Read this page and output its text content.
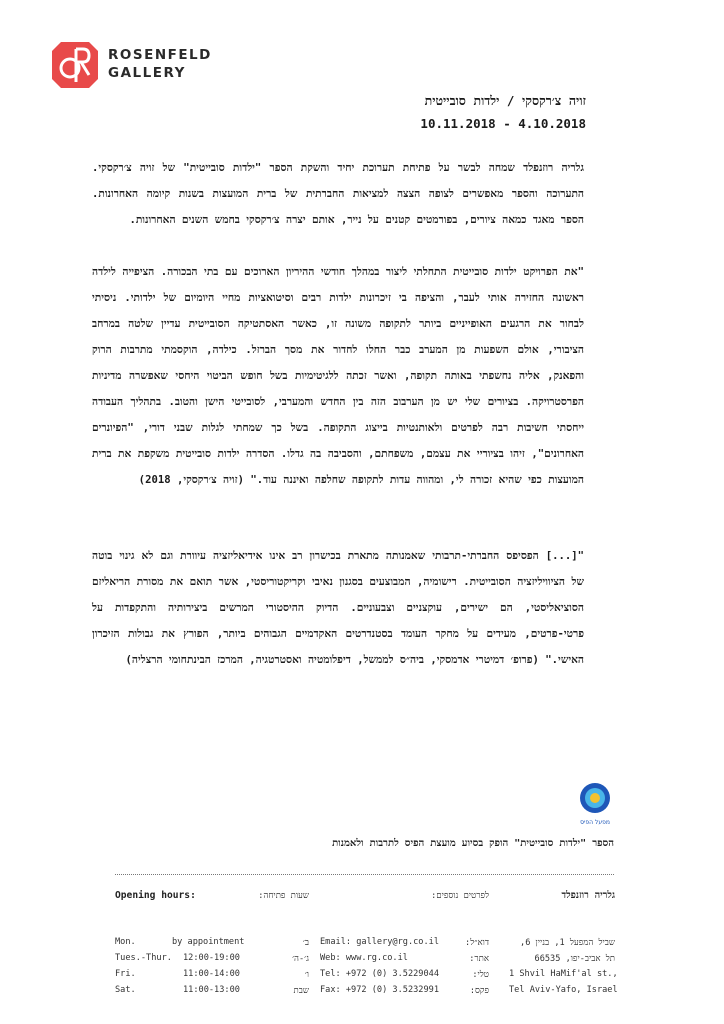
ROSENFELD
GALLERY
זויה צ׳רקסקי / ילדות סובייטית
10.11.2018 - 4.10.2018

גלריה רוזנפלד שמחה לבשר על פתיחת תערוכת יחיד והשקת הספר "ילדות סובייטית" של זויה צ׳רקסקי. התערוכה והספר מאפשרים לצופה הצצה למציאות החברתית של ברית המועצות בשנות קיומה האחרונות. הספר מאגד כמאה ציורים, בפורמטים קטנים על נייר, אותם יצרה צ׳רקסקי בחמש השנים האחרונות.

"את הפרויקט ילדות סובייטית התחלתי ליצור במהלך חודשי ההיריון הארוכים עם בתי הבכורה. הציפייה לילדה ראשונה החזירה אותי לעבר, והציפה בי זיכרונות ילדות רבים וסיטואציות מחיי היומיום של ילדותי. ניסיתי לבחור את הרגעים האופייניים ביותר לתקופה משונה זו, כאשר האסתטיקה הסובייטית עדיין שלטה במרחב הציבורי, אולם השפעות מן המערב כבר החלו לחדור את מסך הברזל. כילדה, הוקסמתי מתרבות הרוק והפאנק, אליה נחשפתי באותה תקופה, ואשר זכתה ללגיטימיות בשל חופש הביטוי היחסי שאפשרה מדיניות הפרסטרויקה. בציורים שלי יש מן הערבוב הזה בין החדש והמערבי, לסובייטי הישן והטוב. בתהליך העבודה ייחסתי חשיבות רבה לפרטים ולאותנטיות בייצוג התקופה. בשל כך שמחתי לגלות שבני דורי, "הפיונרים האחרונים", זיהו בציוריי את עצמם, משפחתם, והסביבה בה גדלו. הסדרה ילדות סובייטית משקפת את ברית המועצות כפי שהיא זכורה לי, ומהווה עדות לתקופה שחלפה ואיננה עוד." (זויה צ׳רקסקי, 2018)

"[...] הפסיפס החברתי-תרבותי שאמנותה מתארת בכישרון רב אינו אידיאליזציה עיוורת וגם לא גינוי בוטה של הציוויליזציה הסובייטית. רישומיה, המבוצעים בסגנון נאיבי וקריקטוריסטי, אשר תואם את מסורת הריאליזם הסוציאליסטי, הם ישירים, עוקצניים וצבעוניים. הדיוק ההיסטורי המרשים ביצירותיה והתקפדות על פרטי-פרטים, מעידים על מחקר העומד בסטנדרטים האקדמיים הגבוהים ביותר, הפורץ את גבולות הזיכרון האישי." (פרופ׳ דמיטרי אדמסקי, ביה״ס לממשל, דיפלומטיה ואסטרטגיה, המרכז הבינתחומי הרצליה)

מפעל הפיס
הספר "ילדות סובייטית" הופק בסיוע מועצת הפיס לתרבות ולאמנות
Opening hours:	שעות פתיחה:	לפרטים נוספים:	גלריה רוזנפלד
Mon.	by appointment	ב׳
Tues.-Thur. 12:00-19:00	ג׳-ה׳
Fri.	11:00-14:00	ו׳
Sat.	11:00-13:00	שבת
Email: gallery@rg.co.il	דוא״ל:
Web: www.rg.co.il	אתר:
Tel: +972 (0) 3.5229044	טלי:
Fax: +972 (0) 3.5232991	פקס:
שביל המפעל 1, בניין 6,
תל אביב-יפו, 66535
1 Shvil HaMif'al st.,
Tel Aviv-Yafo, Israel
